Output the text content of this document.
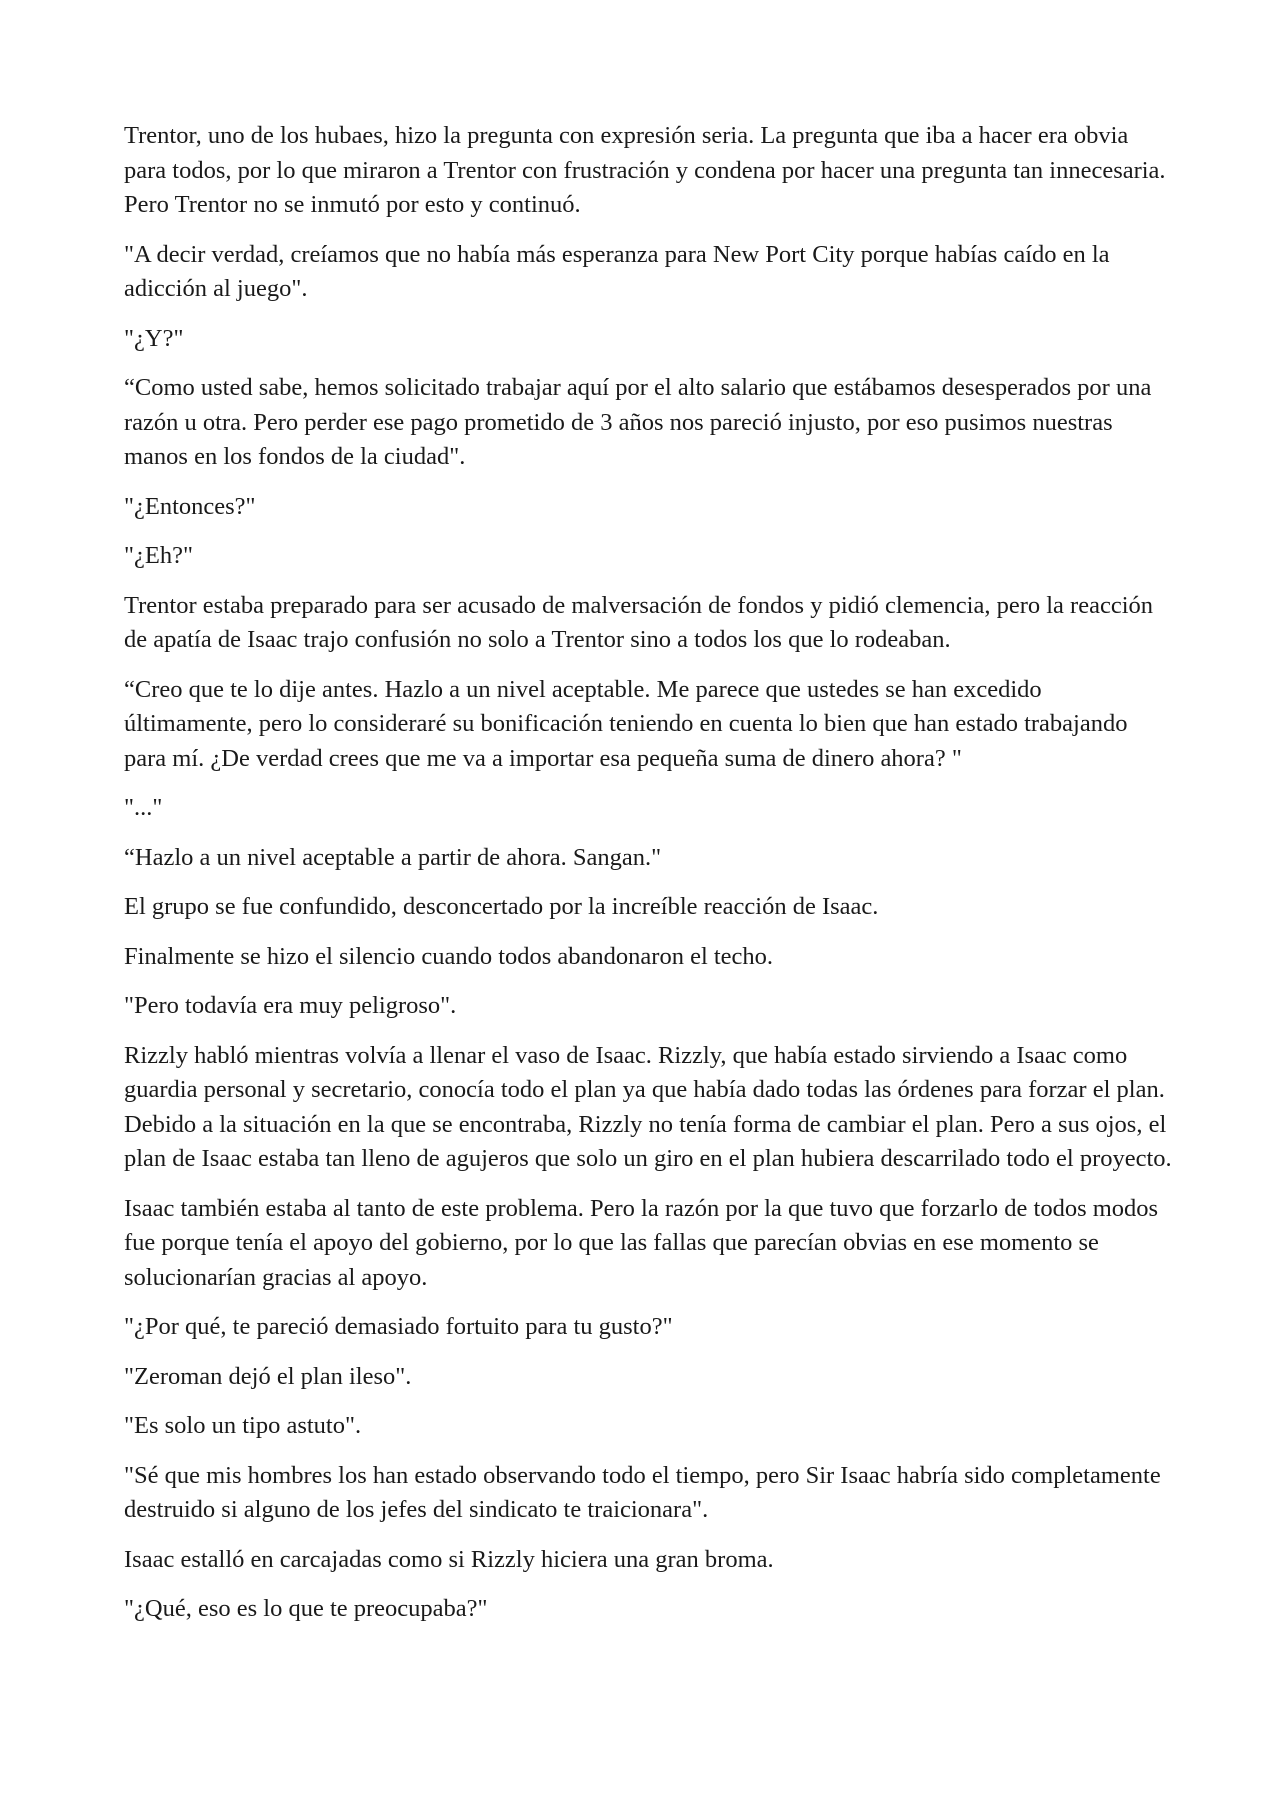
Trentor, uno de los hubaes, hizo la pregunta con expresión seria. La pregunta que iba a hacer era obvia para todos, por lo que miraron a Trentor con frustración y condena por hacer una pregunta tan innecesaria. Pero Trentor no se inmutó por esto y continuó.

"A decir verdad, creíamos que no había más esperanza para New Port City porque habías caído en la adicción al juego".

"¿Y?"

“Como usted sabe, hemos solicitado trabajar aquí por el alto salario que estábamos desesperados por una razón u otra. Pero perder ese pago prometido de 3 años nos pareció injusto, por eso pusimos nuestras manos en los fondos de la ciudad".

"¿Entonces?"

"¿Eh?"

Trentor estaba preparado para ser acusado de malversación de fondos y pidió clemencia, pero la reacción de apatía de Isaac trajo confusión no solo a Trentor sino a todos los que lo rodeaban.

“Creo que te lo dije antes. Hazlo a un nivel aceptable. Me parece que ustedes se han excedido últimamente, pero lo consideraré su bonificación teniendo en cuenta lo bien que han estado trabajando para mí. ¿De verdad crees que me va a importar esa pequeña suma de dinero ahora? "

"..."

“Hazlo a un nivel aceptable a partir de ahora. Sangan."

El grupo se fue confundido, desconcertado por la increíble reacción de Isaac.

Finalmente se hizo el silencio cuando todos abandonaron el techo.

"Pero todavía era muy peligroso".

Rizzly habló mientras volvía a llenar el vaso de Isaac. Rizzly, que había estado sirviendo a Isaac como guardia personal y secretario, conocía todo el plan ya que había dado todas las órdenes para forzar el plan. Debido a la situación en la que se encontraba, Rizzly no tenía forma de cambiar el plan. Pero a sus ojos, el plan de Isaac estaba tan lleno de agujeros que solo un giro en el plan hubiera descarrilado todo el proyecto.

Isaac también estaba al tanto de este problema. Pero la razón por la que tuvo que forzarlo de todos modos fue porque tenía el apoyo del gobierno, por lo que las fallas que parecían obvias en ese momento se solucionarían gracias al apoyo.

"¿Por qué, te pareció demasiado fortuito para tu gusto?"

"Zeroman dejó el plan ileso".

"Es solo un tipo astuto".

"Sé que mis hombres los han estado observando todo el tiempo, pero Sir Isaac habría sido completamente destruido si alguno de los jefes del sindicato te traicionara".

Isaac estalló en carcajadas como si Rizzly hiciera una gran broma.

"¿Qué, eso es lo que te preocupaba?"
